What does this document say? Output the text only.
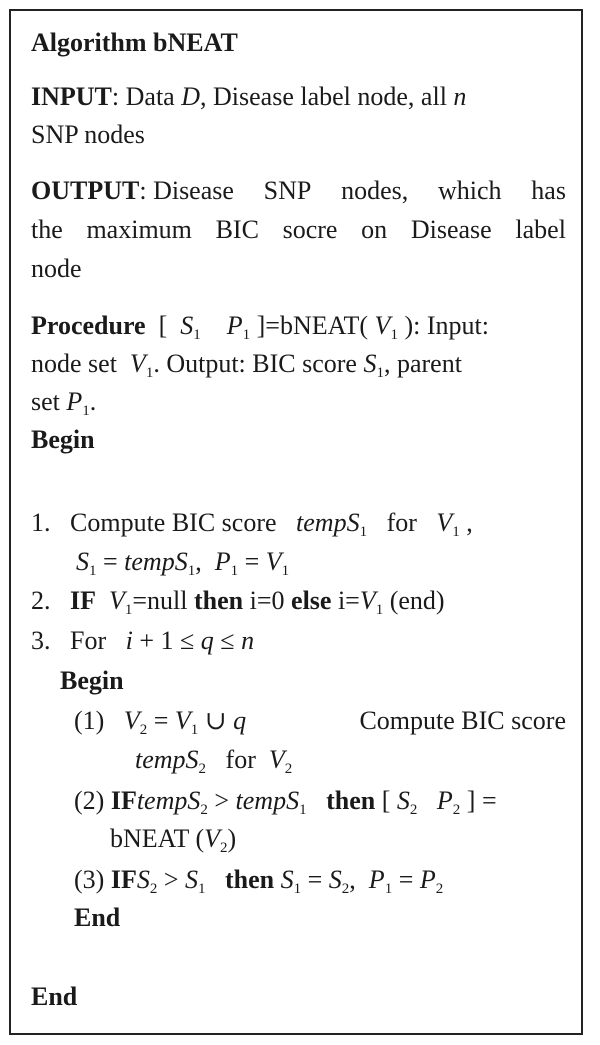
Algorithm bNEAT
INPUT: Data D, Disease label node, all n
SNP nodes
OUTPUT: Disease SNP nodes, which has
the maximum BIC socre on Disease label
node
Procedure  [  $S_1$ $P_1$ ]=bNEAT( $V_1$ ): Input:
node set $V_1$. Output: BIC score $S_1$, parent
set $P_1$.
Begin
1. Compute BIC score tempS$_1$ for $V_1$ ,
$S_1$ = tempS$_1$,  $P_1 = V_1$
2. IF $V_1=null$ then i=0 else $i=V_1$ (end)
3. For i + 1 ≤ q ≤ n
Begin
(1) $V_2 = V_1$ ∪ q	Compute BIC score
tempS$_2$ for $V_2$
(2) IFtempS$_2$ > tempS$_1$ then [ $S_2$ $P_2$ ] =
bNEAT $(V_2)$
(3) $IFS_2 > S_1$ then $S_1 = S_2$,  $P_1 = P_2$
End
End
